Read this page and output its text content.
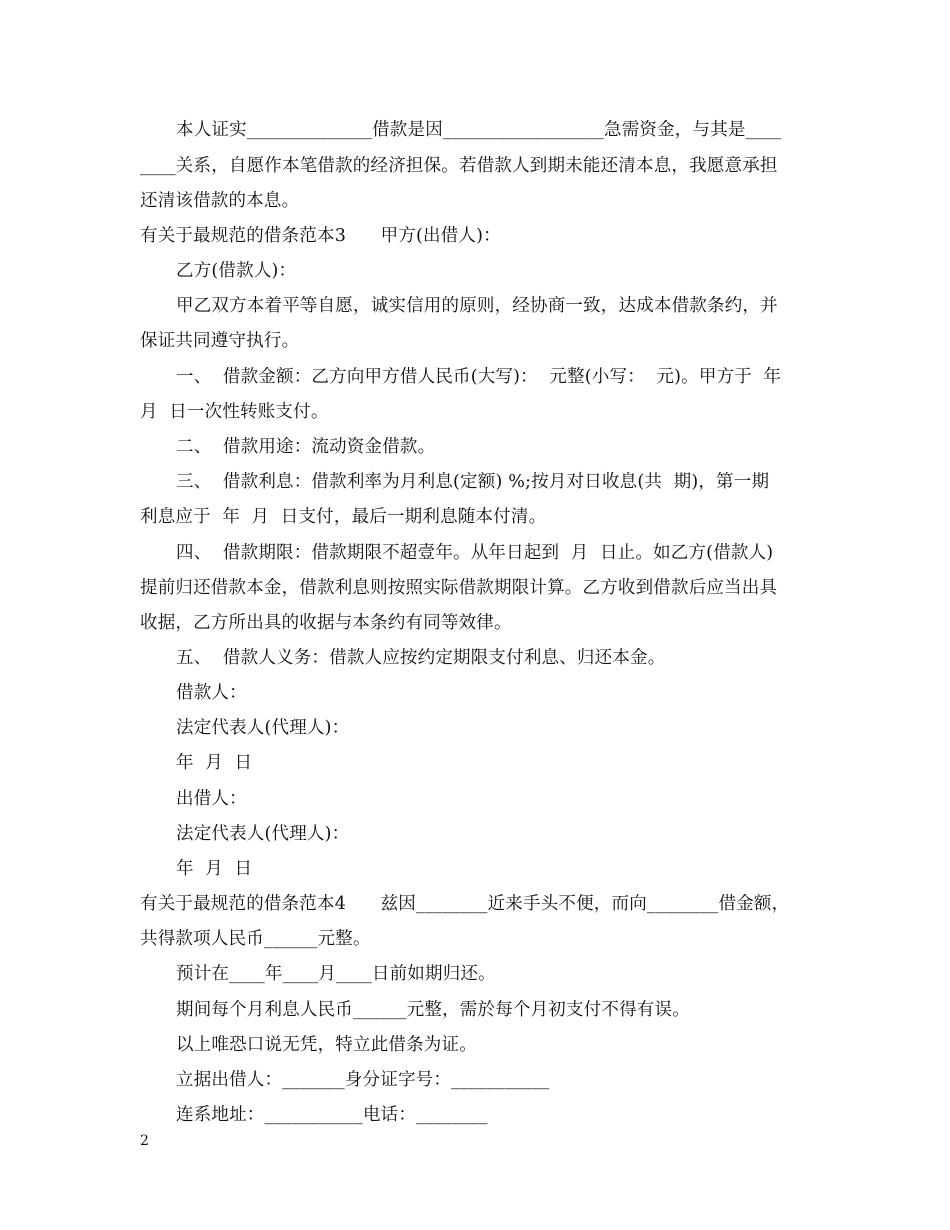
本人证实______________借款是因__________________急需资金，与其是____
____关系，自愿作本笔借款的经济担保。若借款人到期未能还清本息，我愿意承担
还清该借款的本息。
有关于最规范的借条范本3      甲方(出借人)：
乙方(借款人)：
甲乙双方本着平等自愿，诚实信用的原则，经协商一致，达成本借款条约，并
保证共同遵守执行。
一、  借款金额：乙方向甲方借人民币(大写)：  元整(小写：  元)。甲方于  年
月  日一次性转账支付。
二、  借款用途：流动资金借款。
三、  借款利息：借款利率为月利息(定额) %;按月对日收息(共  期)，第一期
利息应于  年  月  日支付，最后一期利息随本付清。
四、  借款期限：借款期限不超壹年。从年日起到  月  日止。如乙方(借款人)
提前归还借款本金，借款利息则按照实际借款期限计算。乙方收到借款后应当出具
收据，乙方所出具的收据与本条约有同等效律。
五、  借款人义务：借款人应按约定期限支付利息、归还本金。
借款人：
法定代表人(代理人)：
年  月  日
出借人：
法定代表人(代理人)：
年  月  日
有关于最规范的借条范本4      兹因________近来手头不便，而向________借金额，
共得款项人民币______元整。
预计在____年____月____日前如期归还。
期间每个月利息人民币______元整，需於每个月初支付不得有误。
以上唯恐口说无凭，特立此借条为证。
立据出借人：_______身分证字号：___________
连系地址：___________电话：________
2
